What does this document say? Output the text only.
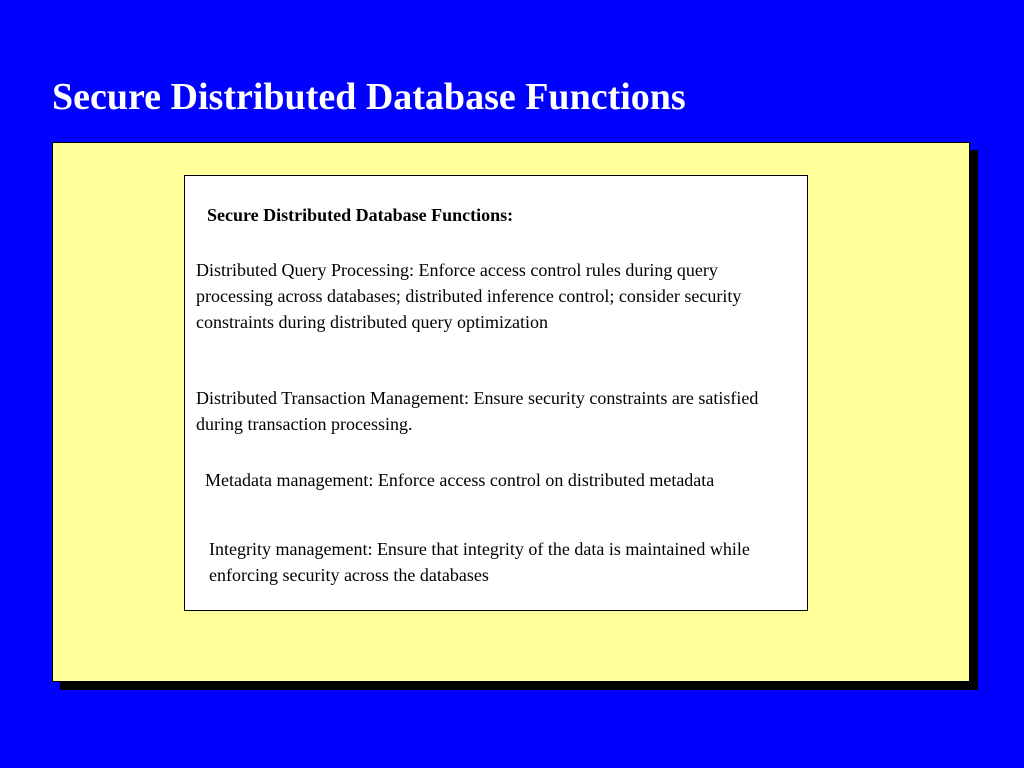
Secure Distributed Database Functions

Secure Distributed Database Functions:

Distributed Query Processing: Enforce access control rules during query processing across databases; distributed inference control; consider security constraints during distributed query optimization

Distributed Transaction Management: Ensure security constraints are satisfied during transaction processing.

Metadata management: Enforce access control on distributed metadata

Integrity management: Ensure that integrity of the data is maintained while enforcing security across the databases
